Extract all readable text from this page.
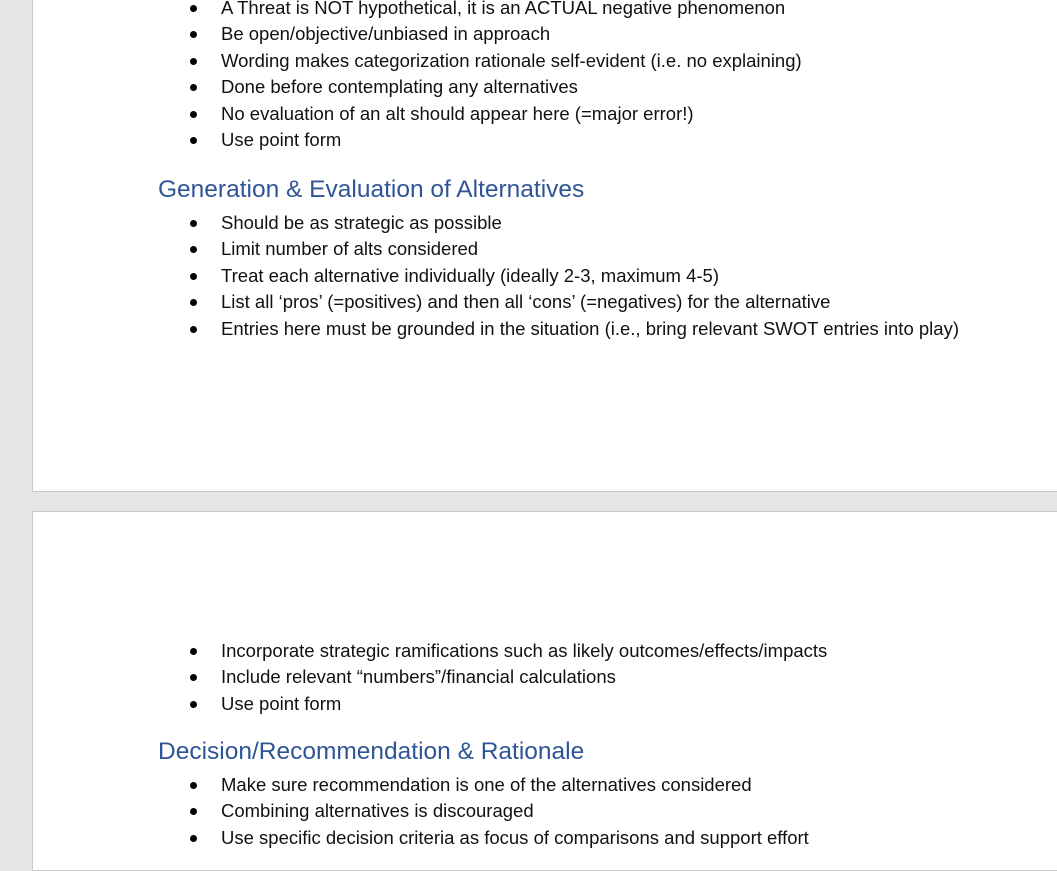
A Threat is NOT hypothetical, it is an ACTUAL negative phenomenon
Be open/objective/unbiased in approach
Wording makes categorization rationale self-evident (i.e. no explaining)
Done before contemplating any alternatives
No evaluation of an alt should appear here (=major error!)
Use point form
Generation & Evaluation of Alternatives
Should be as strategic as possible
Limit number of alts considered
Treat each alternative individually (ideally 2-3, maximum 4-5)
List all ‘pros’ (=positives) and then all ‘cons’ (=negatives) for the alternative
Entries here must be grounded in the situation (i.e., bring relevant SWOT entries into play)
Incorporate strategic ramifications such as likely outcomes/effects/impacts
Include relevant “numbers”/financial calculations
Use point form
Decision/Recommendation & Rationale
Make sure recommendation is one of the alternatives considered
Combining alternatives is discouraged
Use specific decision criteria as focus of comparisons and support effort
